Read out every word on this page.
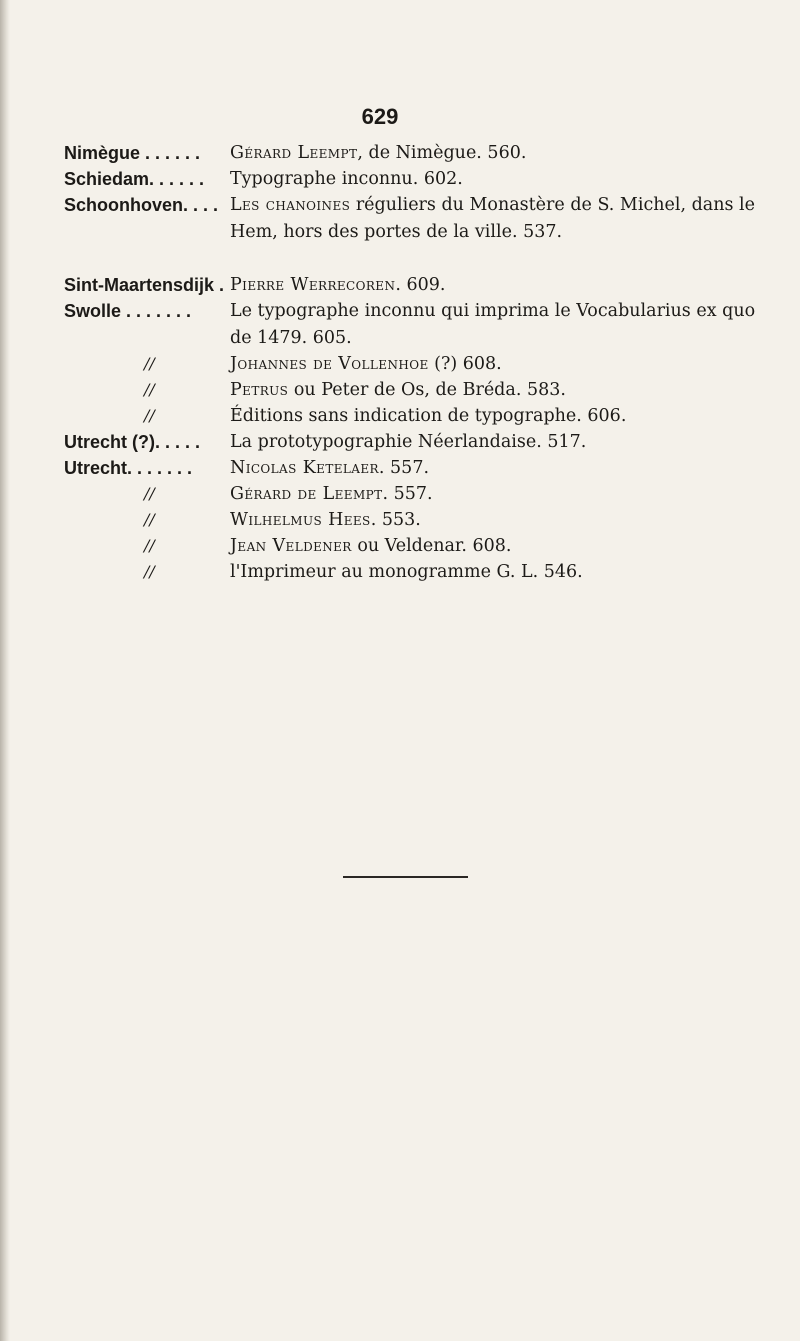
629
Nimègue . . . . . .	Gérard Leempt, de Nimègue. 560.
Schiedam. . . . . .	Typographe inconnu. 602.
Schoonhoven. . . . Les chanoines réguliers du Monastère de S. Michel, dans le Hem, hors des portes de la ville. 537.
Sint-Maartensdijk . Pierre Werrecoren. 609.
Swolle . . . . . . .	Le typographe inconnu qui imprima le Vocabularius ex quo de 1479. 605.
//	Johannes de Vollenhoe (?) 608.
//	Petrus ou Peter de Os, de Bréda. 583.
//	Éditions sans indication de typographe. 606.
Utrecht (?). . . . .	La prototypographie Néerlandaise. 517.
Utrecht. . . . . . .	Nicolas Ketelaer. 557.
//	Gérard de Leempt. 557.
//	Wilhelmus Hees. 553.
//	Jean Veldener ou Veldenar. 608.
//	l'Imprimeur au monogramme G. L. 546.
